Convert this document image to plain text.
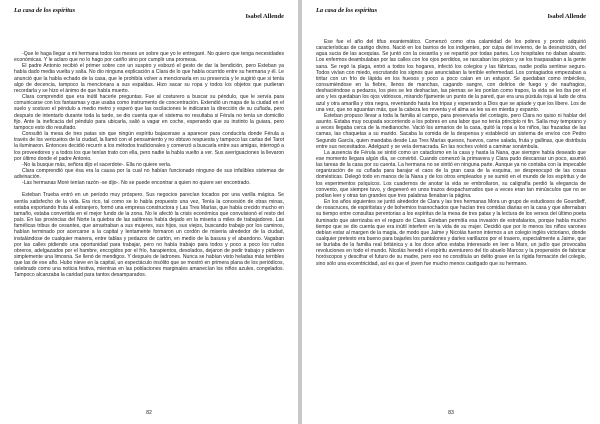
La casa de los espíritus
Isabel Allende

-Que le haga llegar a mi hermana todos los meses un sobre que yo le entregaré. No quiero que tenga necesidades económicas. Y le aclaro que no lo hago por cariño sino por cumplir una promesa.

El padre Antonio recibió el primer sobre con un suspiro y esbozó el gesto de dar la bendición, pero Esteban ya había dado media vuelta y salía. No dio ninguna explicación a Clara de lo que había ocurrido entre su hermana y él. Le anunció que la había echado de la casa, que le prohibía volver a mencionarla en su presencia y le sugirió que si tenía algo de decencia, tampoco la mencionara a sus espaldas. Hizo sacar su ropa y todos los objetos que pudieran recordarla y se hizo el ánimo de que había muerto.

Clara comprendió que era inútil hacerle preguntas. Fue al costurero a buscar su péndulo, que le servía para comunicarse con los fantasmas y que usaba como instrumento de concentración. Extendió un mapa de la ciudad en el suelo y sostuvo el péndulo a medio metro y esperó que las oscilaciones le indicaran la dirección de su cuñada, pero después de intentarlo durante toda la tarde, se dio cuenta que el sistema no resultaba si Férula no tenía un domicilio fijo. Ante la ineficacia del péndulo para ubicarla, salió a vagar en coche, esperando que su instinto la guiara, pero tampoco esto dio resultado.

Consultó la mesa de tres patas sin que ningún espíritu bajacerase a aparecer para conducirla donde Férula a través de los vericuetos de la ciudad, la llamó con el pensamiento y no obtuvo respuesta y tampoco las cartas del Tarot la iluminaron. Entonces decidió recurrir a los métodos tradicionales y comenzó a buscarla entre sus amigas, interrogó a los proveedores y a todos los que tenían trato con ella, pero nadie la había vuelto a ver. Sus averiguaciones la llevaron por último donde el padre Antonio.

-No la busque más, señora dijo el sacerdote-. Ella no quiere verla.

Clara comprendió que ésa era la causa por la cual no habían funcionado ninguno de sus infalibles sistemas de adivinación.

-Las hermanas Moré tenían razón -se dijo-. No se puede encontrar a quien no quiere ser encontrado.

Esteban Trueba entró en un período muy próspero. Sus negocios parecían tocados por una varilla mágica. Se sentía satisfecho de la vida. Era rico, tal como se lo había propuesto una vez, Tenía la concesión de otras minas, estaba exportando fruta al extranjero, formó una empresa constructora y Las Tres Marías, que había crecido mucho en tamaño, estaba convertida en el mejor fundo de la zona. No le afectó la crisis económica que convulsionó el resto del país. En las provincias del Norte la quiebra de las salitreras había dejado en la miseria a miles de trabajadores. Las famélicas tribus de cesantes, que arrastraban a sus mujeres, sus hijos, sus viejos, buscando trabajo por los caminos, habían terminado por acercarse a la capital y lentamente formaron un cordón de miseria alrededor de la ciudad, instalándose de cualquier manera, entre tablas y pedazos de cartón, en medio de la basura y el abandono. Vagaban por las calles pidiendo una oportunidad para trabajar, pero no había trabajo para todos y poco a poco los rudos obreros, adelgazados por el hambre, encogidos por el frío, harapientos, desolados, dejaron de pedir trabajo y pidieron simplemente una limosna. Se llenó de mendigos. Y después de ladrones. Nunca se habían visto heladas más terribles que las de ese año. Hubo nieve en la capital, un espectáculo insólito que se mostró en primera plana de los periódicos, celebrado como una noticia festiva, mientras en las poblaciones marginales amanecían los niños azules, congelados. Tampoco alcanzaba la caridad para tantos desamparados.

82
La casa de los espíritus
Isabel Allende

Ese fue el año del tifus exantemático. Comenzó como otra calamidad de los pobres y pronto adquirió características de castigo divino. Nació en los barrios de los indigentes, por culpa del invierno, de la desnutrición, del agua sucia de las acequias. Se juntó con la cesantía y se repartió por todas partes. Los hospitales no daban abasto. Los enfermos deambulaban por las calles con los ojos perdidos, se rascaban los piojos y se los traspasaban a la gente sana. Se regó la plaga, entró a todos los hogares, infectó los colegios y las fábricas, nadie podía sentirse seguro. Todos vivían con miedo, escrutando los signos que anunciaban la terrible enfermedad. Los contagiados empezaban a tiritar con un frío de lápida en los huesos y poco a poco caían en un estupor. Se quedaban como imbéciles, consumiéndose en la fiebre, llenos de manchas, cagando sangre, con delirios de fuego y de naufragios, deshaciéndose a pedazos, los pies se les deshacían, las piernas se les ponían como trapos, la vida se les iba por el ano y les quedaban los ojos vidriosos, mirando fijamente un punto de la pared, que era una pústula roja al lado de otra azul y otra amarilla y otra negra, reventando hasta los tripas y esperando a Dios que se apiade y que los libere. Los de una vez, que no aguantan más, que la cabeza les reventa y el alma se les va en mierda y espanto.

Esteban propuso llevar a toda la familia al campo, para preservarla del contagio, pero Clara no quiso ni hablar del asunto. Estaba muy ocupada socorriendo a los pobres en una labor que no tenía principio ni fin. Salía muy temprano y a veces llegaba cerca de la medianoche. Vació los armarios de la casa, quitó la ropa a los niños, las frazadas de las camas, las chaquetas a su marido. Sacaba la comida de la despensa y estableció un sistema de envíos con Pedro Segundo García, quien mandaba desde Las Tres Marías quesos, huevos, carne salada, fruta y gallinas, que distribuía entre sus necesitados. Adelgazó y se veía demacrada. En las noches volvió a caminar sonámbula.

La ausencia de Férula se sintió como un cataclismo en la casa y hasta la Nana, que siempre había deseado que ese momento llegara algún día, se convirtió. Cuando comenzó la primavera y Clara pudo descansar un poco, asumió las tareas de la casa por su cuenta. La hermana no se sintió en ninguna parte. Aunque ya no contaba con la impecable organización de su cuñada para barajar el caos de la gran casa de la esquina, se despreocupó de las cosas domésticas. Delegó todo en manos de la Nana y de los otros empleados y se sumió en el mundo de los espíritus y de los experimentos psíquicos. Los cuadernos de anotar la vida se embrollaron, su caligrafía perdió la elegancia de convento, que siempre tuvo, y degeneró en unos trazos despachurrados que a veces eran tan minúsculos que no se podían leer y otras tan grandes que tres palabras llenaban la página.

En los años siguientes se juntó alrededor de Clara y las tres hermanas Mora un grupo de estudiosos de Gourdieff, de rosacruces, de espiritistas y de bohemios trasnochados que hacían tres comidas diarias en la casa y que alternaban su tiempo entre consultas perentorias a los espíritus de la mesa de tres patas y la lectura de los versos del último poeta iluminado que aterrizaba en el regazo de Clara. Esteban permitía esa invasión de estrafalarios, porque había mucho tiempo que se dio cuenta que era inútil interferir en la vida de su mujer. Decidió que por lo menos los niños varones debían estar al margen de la magia, de modo que Jaime y Nicolás fueron internos a un colegio inglés victoriano, donde cualquier pretexto era bueno para bajarles los pantalones y darles varillazos por el trasero, especialmente a Jaime, que se burlaba de la familia real británica y a los doce años estaba interesado en leer a Marx, un judío que provocaba revoluciones en todo el mundo. Nicolás heredó el espíritu aventurero del tío abuelo Marcos y la propensión de fabricar horóscopos y descifrar el futuro de su madre, pero eso no constituía un delito grave en la rígida formación del colegio, sino sólo una excentricidad, así es que el joven fue mucho menos castigado que su hermano.

83
